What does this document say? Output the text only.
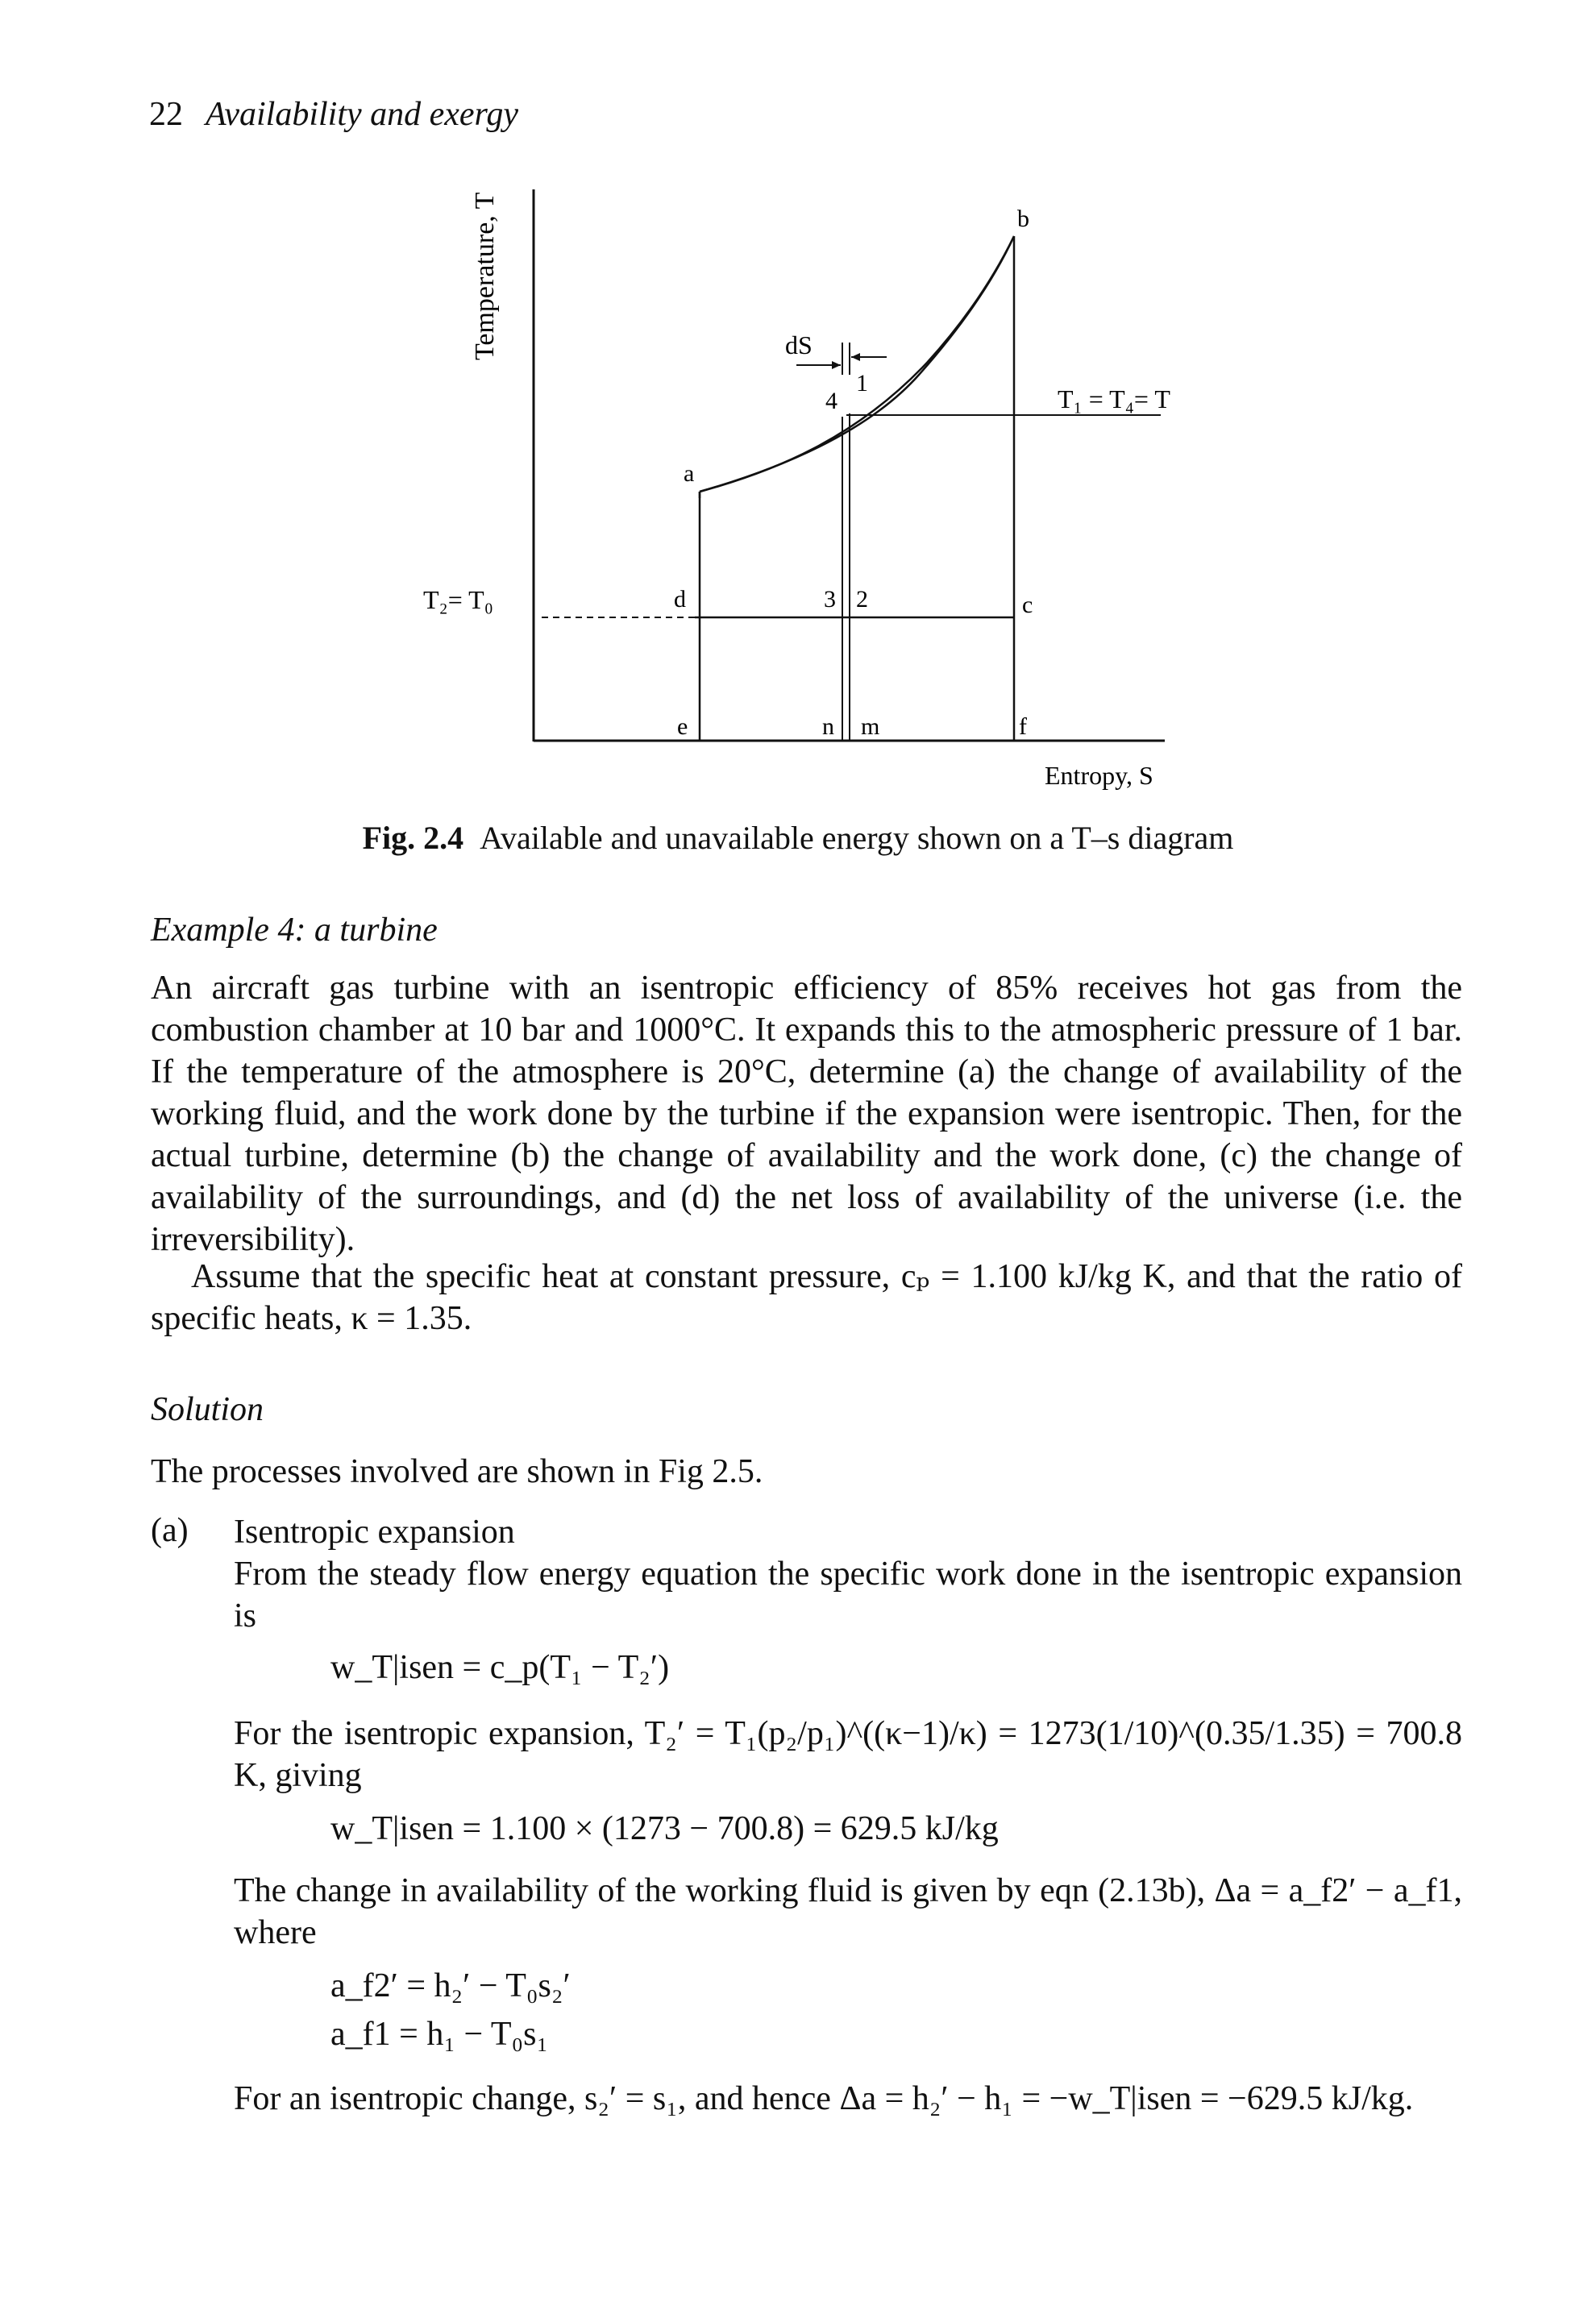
22 Availability and exergy
Temperature, T
Entropy, S
T₂= T₀
T₁ = T₄= T
dS
a
b
c
d
e	f
n m
1
2
3
4
Fig. 2.4 Available and unavailable energy shown on a T–s diagram
Example 4: a turbine
An aircraft gas turbine with an isentropic efficiency of 85% receives hot gas from the combustion chamber at 10 bar and 1000°C. It expands this to the atmospheric pressure of 1 bar. If the temperature of the atmosphere is 20°C, determine (a) the change of availability of the working fluid, and the work done by the turbine if the expansion were isentropic. Then, for the actual turbine, determine (b) the change of availability and the work done, (c) the change of availability of the surroundings, and (d) the net loss of availability of the universe (i.e. the irreversibility).
Assume that the specific heat at constant pressure, cₚ = 1.100 kJ/kg K, and that the ratio of specific heats, κ = 1.35.
Solution
The processes involved are shown in Fig 2.5.
(a) Isentropic expansion
From the steady flow energy equation the specific work done in the isentropic expansion is
w_T|isen = c_p(T₁ − T₂′)
For the isentropic expansion, T₂′ = T₁(p₂/p₁)^((κ−1)/κ) = 1273(1/10)^(0.35/1.35) = 700.8 K, giving
w_T|isen = 1.100 × (1273 − 700.8) = 629.5 kJ/kg
The change in availability of the working fluid is given by eqn (2.13b), Δa = a_f2′ − a_f1, where
a_f2′ = h₂′ − T₀s₂′
a_f1 = h₁ − T₀s₁
For an isentropic change, s₂′ = s₁, and hence Δa = h₂′ − h₁ = −w_T|isen = −629.5 kJ/kg.
